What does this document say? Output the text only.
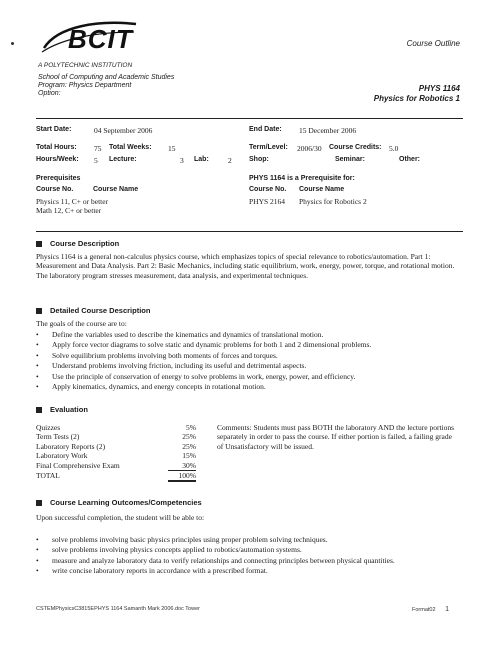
BCIT
A POLYTECHNIC INSTITUTION
School of Computing and Academic Studies
Program: Physics Department
Option:
Course Outline
PHYS 1164
Physics for Robotics 1
Start Date:	04 September 2006	End Date: 15 December 2006
Total Hours: 75 Total Weeks: 15	Term/Level: 2006/30 Course Credits: 5.0
Hours/Week: 5 Lecture:	3 Lab:	2 Shop:	Seminar:	Other:
Prerequisites
Course No.	Course Name
Physics 11, C+ or better
Math 12, C+ or better
PHYS 1164 is a Prerequisite for:
Course No. Course Name
PHYS 2164 Physics for Robotics 2
Course Description
Physics 1164 is a general non-calculus physics course, which emphasizes topics of special relevance to robotics/automation. Part 1: Measurement and Data Analysis. Part 2: Basic Mechanics, including static equilibrium, work, energy, power, torque, and rotational motion. The laboratory program stresses measurement, data analysis, and experimental techniques.
Detailed Course Description
The goals of the course are to:
• Define the variables used to describe the kinematics and dynamics of translational motion.
• Apply force vector diagrams to solve static and dynamic problems for both 1 and 2 dimensional problems.
• Solve equilibrium problems involving both moments of forces and torques.
• Understand problems involving friction, including its useful and detrimental aspects.
• Use the principle of conservation of energy to solve problems in work, energy, power, and efficiency.
• Apply kinematics, dynamics, and energy concepts in rotational motion.
Evaluation
Quizzes	5%
Term Tests (2)	25%
Laboratory Reports (2)	25%
Laboratory Work	15%
Final Comprehensive Exam	30%
TOTAL	100%
Comments: Students must pass BOTH the laboratory AND the lecture portions separately in order to pass the course. If either portion is failed, a failing grade of Unsatisfactory will be issued.
Course Learning Outcomes/Competencies
Upon successful completion, the student will be able to:
• solve problems involving basic physics principles using proper problem solving techniques.
• solve problems involving physics concepts applied to robotics/automation systems.
• measure and analyze laboratory data to verify relationships and connecting principles between physical quantities.
• write concise laboratory reports in accordance with a prescribed format.
CSTEMPhysicsC3815EPHYS 1164 Samanth Mark 2006.doc Tower	Format02 1
